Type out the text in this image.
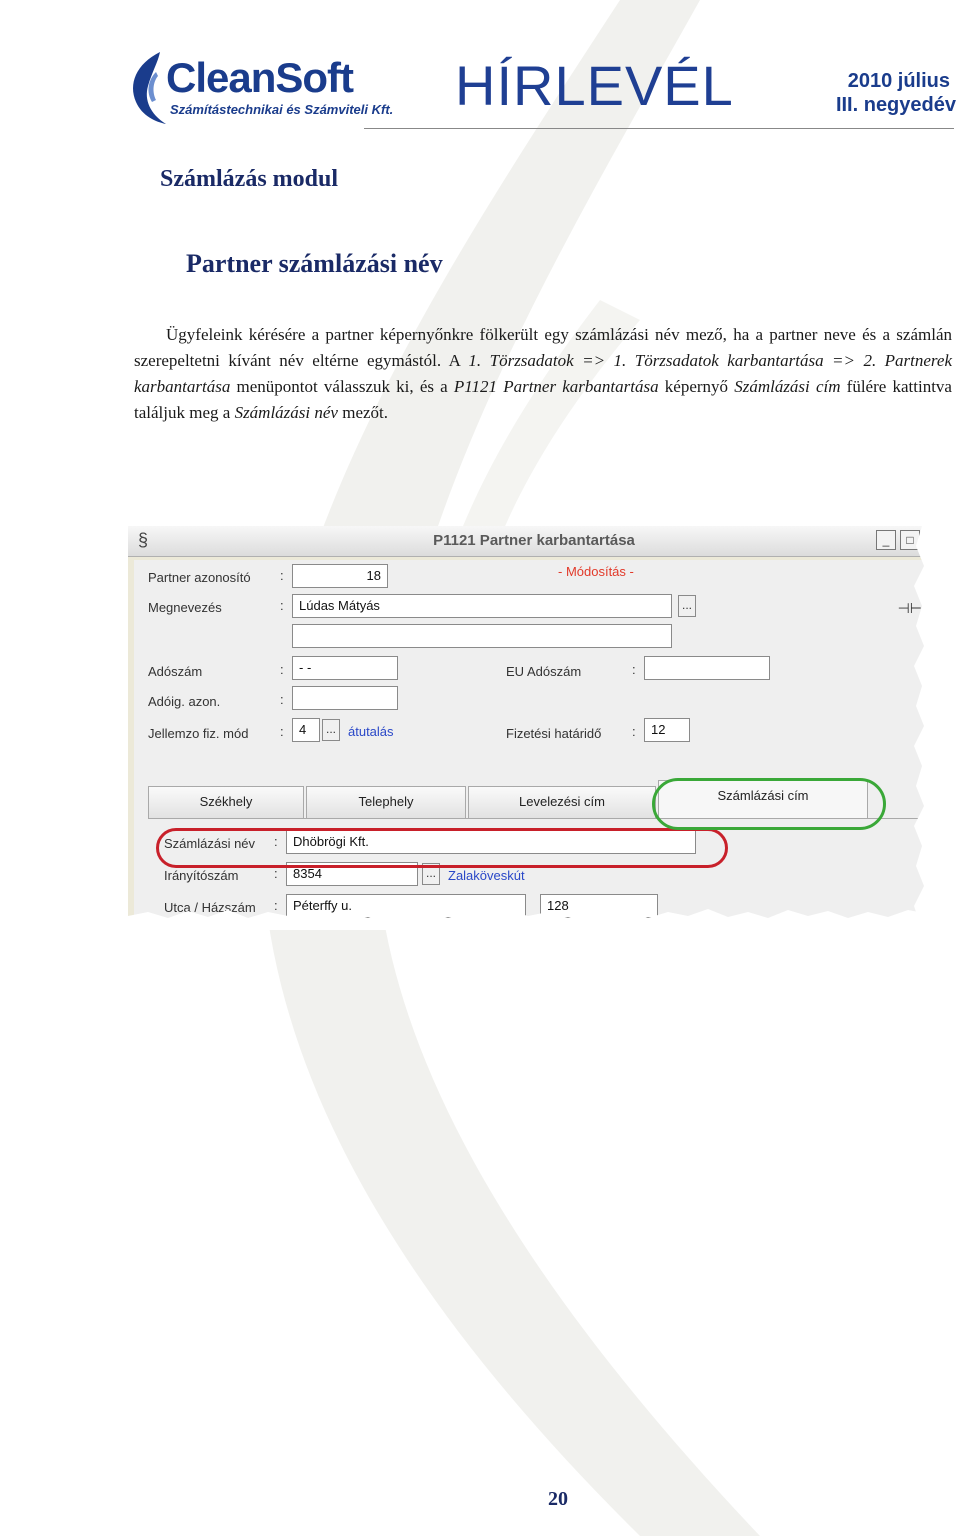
CleanSoft
Számítástechnikai és Számviteli Kft. HÍRLEVÉL	2010 július
III. negyedév
Számlázás modul
Partner számlázási név
Ügyfeleink kérésére a partner képernyőnkre fölkerült egy számlázási név mező, ha a partner neve és a számlán szerepeltetni kívánt név eltérne egymástól. A 1. Törzsadatok => 1. Törzsadatok karbantartása => 2. Partnerek karbantartása menüpontot válasszuk ki, és a P1121 Partner karbantartása képernyő Számlázási cím fülére kattintva találjuk meg a Számlázási név mezőt.
§	P1121 Partner karbantartása	_	□
⊣⊢
Partner azonosító :	18	- Módosítás -
Megnevezés	:	Lúdas Mátyás	...
Adószám	:	- -	EU Adószám	:
Adóig. azon.	:
Jellemzo fiz. mód :	4	... átutalás	Fizetési határidő :	12
Székhely	Telephely	Levelezési cím	Számlázási cím
Számlázási név :	Dhöbrögi Kft.
Irányítószám	:	8354	... Zalaköveskút
Utca / Házszám :	Péterffy u.	128
20
